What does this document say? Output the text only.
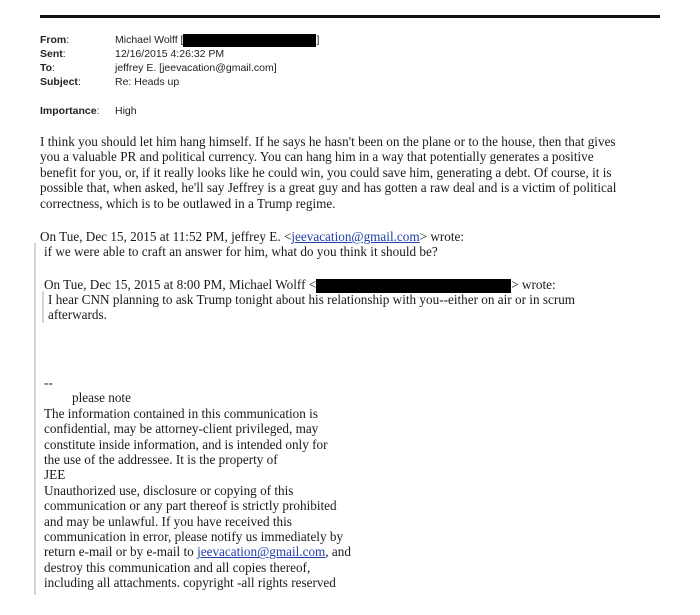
From:	Michael Wolff [	]
Sent:	12/16/2015 4:26:32 PM
To:	jeffrey E. [jeevacation@gmail.com]
Subject:	Re: Heads up
Importance:	High

I think you should let him hang himself. If he says he hasn't been on the plane or to the house, then that gives

you a valuable PR and political currency. You can hang him in a way that potentially generates a positive

benefit for you, or, if it really looks like he could win, you could save him, generating a debt. Of course, it is

possible that, when asked, he'll say Jeffrey is a great guy and has gotten a raw deal and is a victim of political

correctness, which is to be outlawed in a Trump regime.

On Tue, Dec 15, 2015 at 11:52 PM, jeffrey E. <jeevacation@gmail.com> wrote:
if we were able to craft an answer for him, what do you think it should be?
On Tue, Dec 15, 2015 at 8:00 PM, Michael Wolff <	> wrote:

I hear CNN planning to ask Trump tonight about his relationship with you--either on air or in scrum

afterwards.

--

please note

The information contained in this communication is

confidential, may be attorney-client privileged, may

constitute inside information, and is intended only for

the use of the addressee. It is the property of

JEE

Unauthorized use, disclosure or copying of this

communication or any part thereof is strictly prohibited

and may be unlawful. If you have received this

communication in error, please notify us immediately by

return e-mail or by e-mail to jeevacation@gmail.com, and

destroy this communication and all copies thereof,

including all attachments. copyright -all rights reserved
